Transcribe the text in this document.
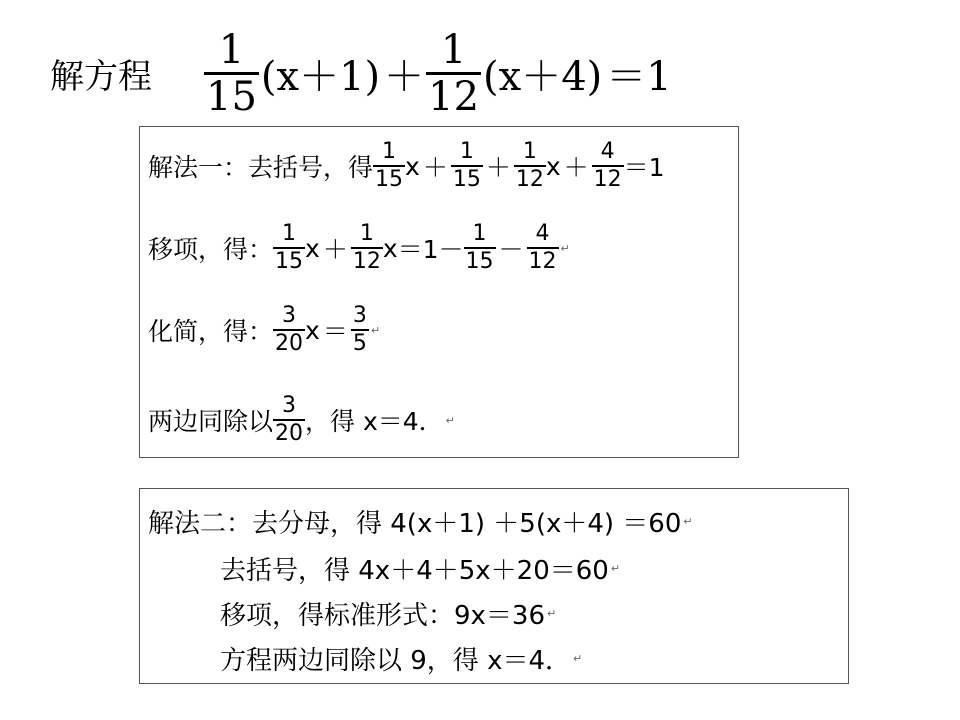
解方程 $\frac{1}{15} (x+1) + \frac{1}{12} (x+4) =1$
解法一：去括号，得 $\frac{1}{15}$ $x + \frac{1}{15} + \frac{1}{12}$ $x + \frac{4}{12} =1$
移项，得： $\frac{1}{15}$ $x + \frac{1}{12}$ $x =1- \frac{1}{15} - \frac{4}{12}$ ↵
化简，得： $\frac{3}{20}$ $x = \frac{3}{5}$ ↵
两边同除以 $\frac{3}{20}$ ，得 x＝4． ↵
解法二：去分母，得 4(x＋1) ＋5(x＋4) ＝60 ↵
去括号，得 4x＋4＋5x＋20＝60 ↵
移项，得标准形式：9x＝36 ↵
方程两边同除以 9，得 x＝4． ↵
